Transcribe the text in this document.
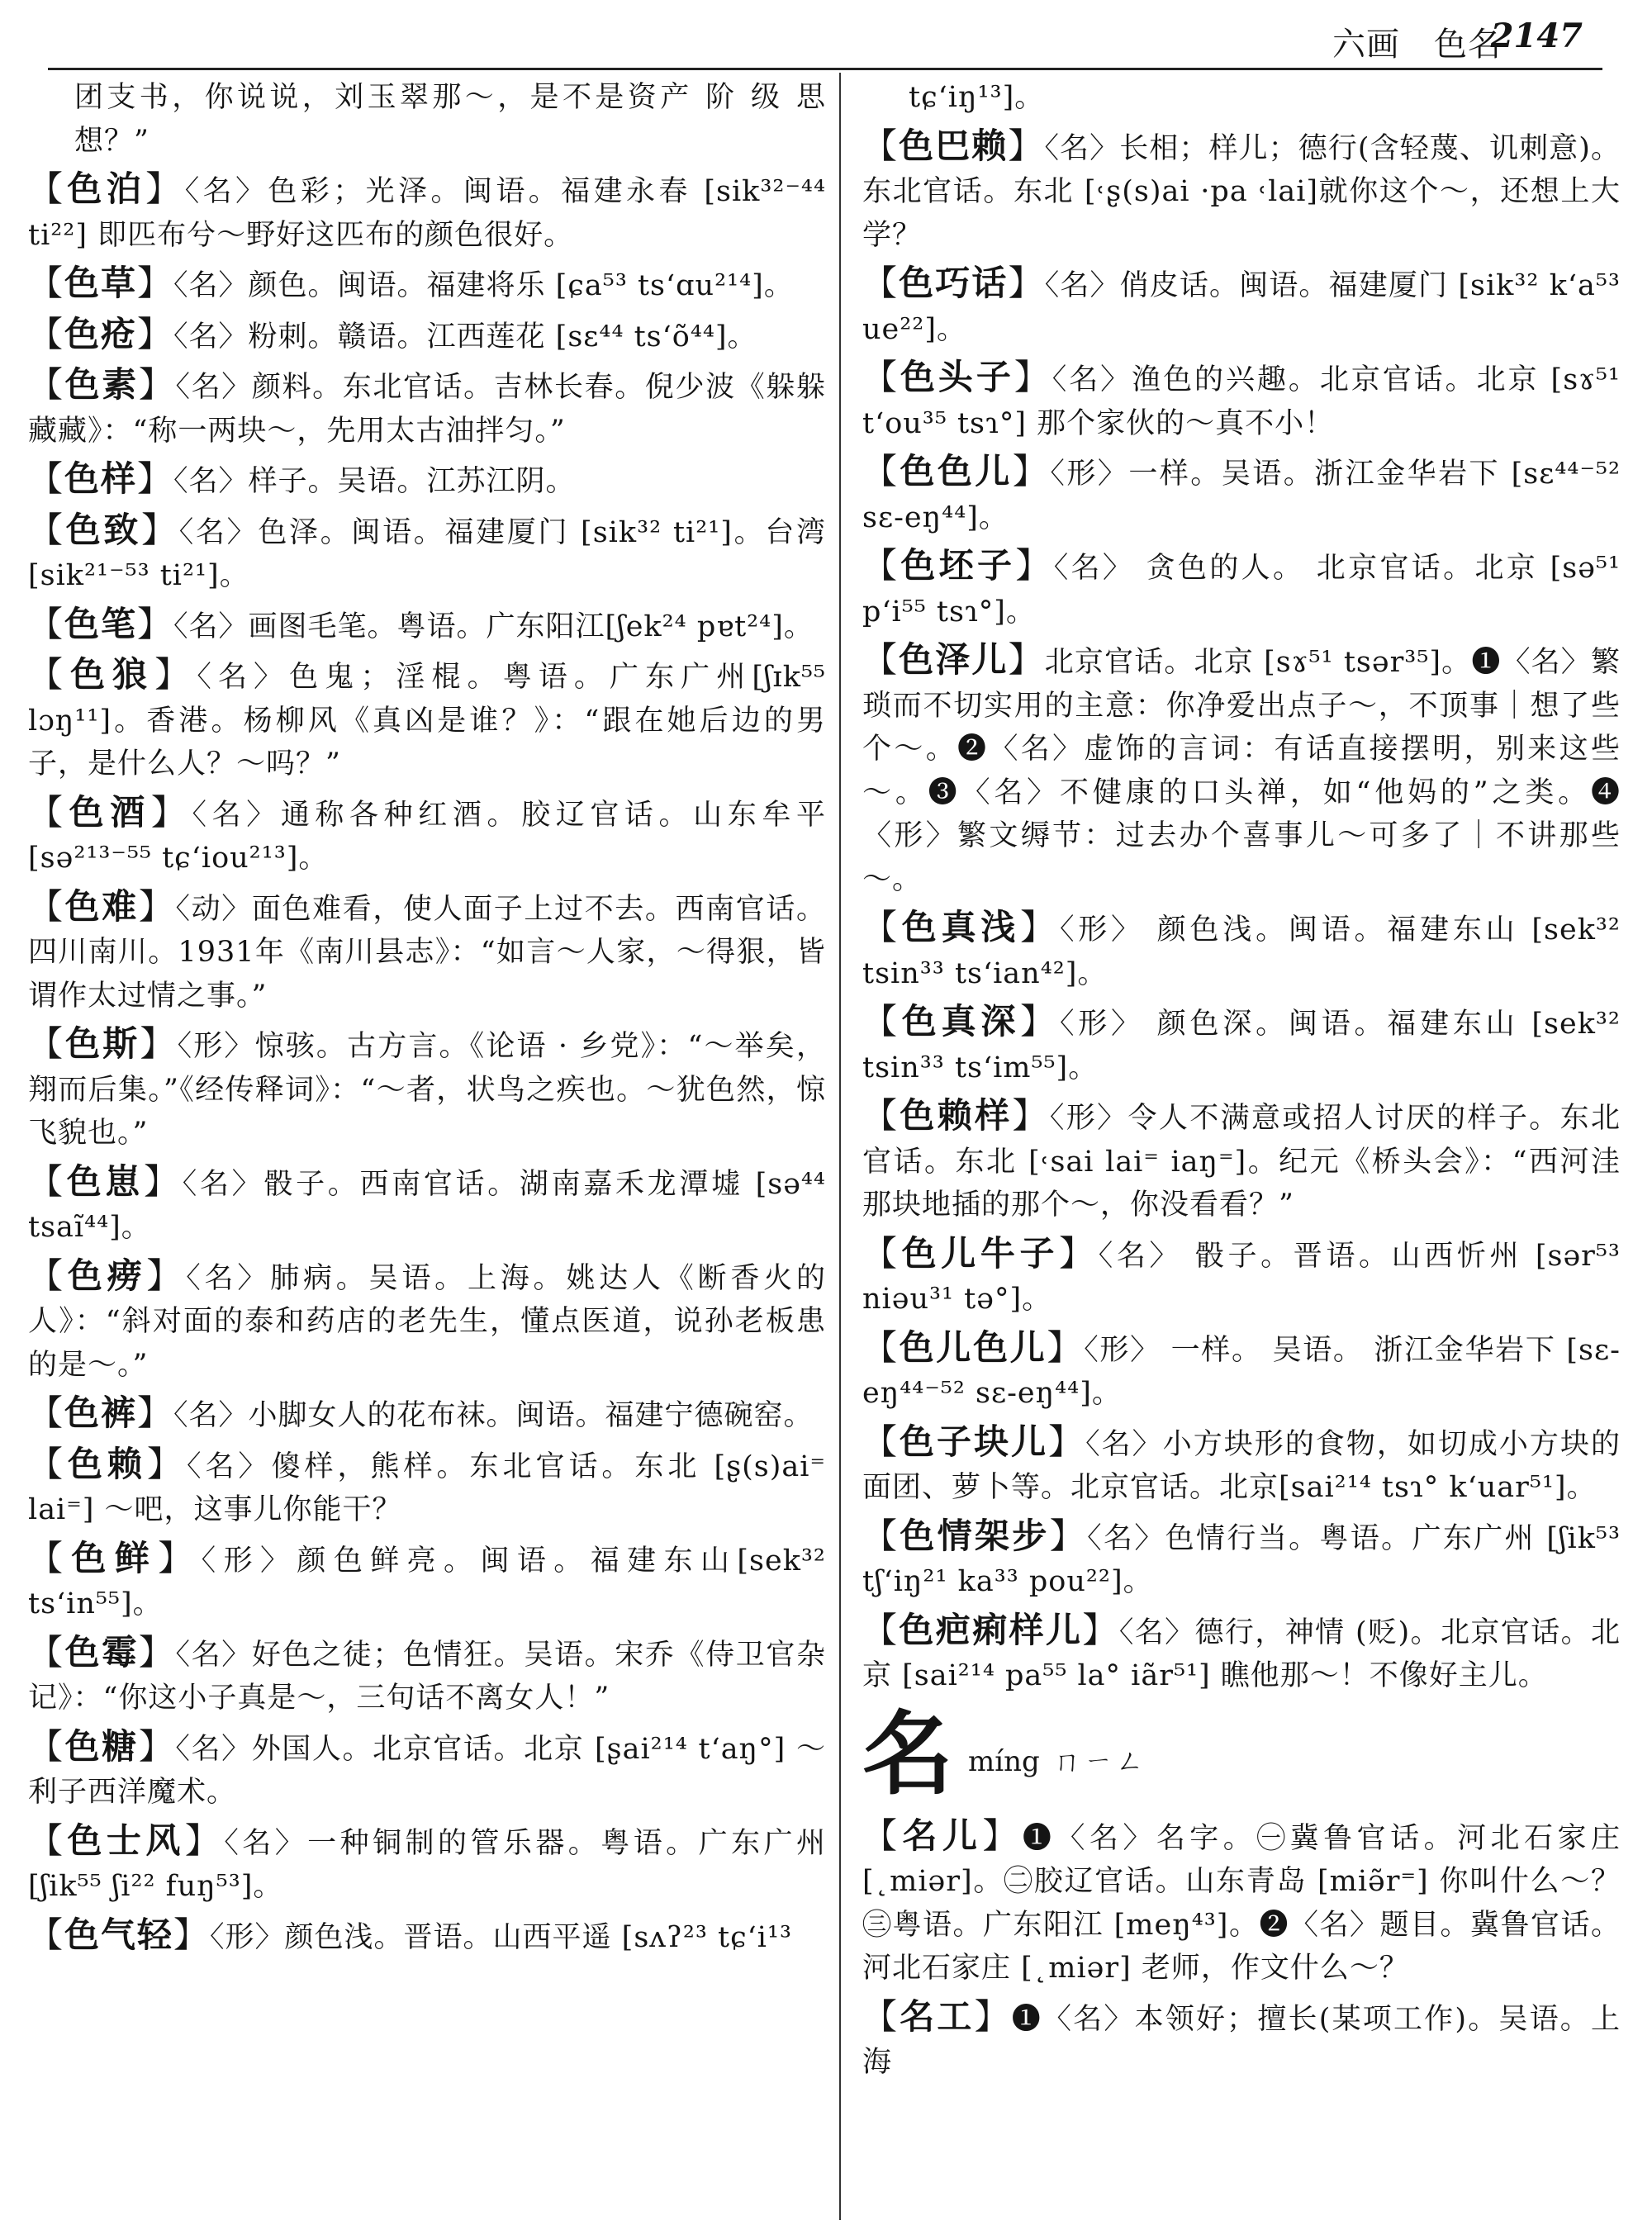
六画　色名
2147
团支书，你说说，刘玉翠那～，是不是资产 阶 级 思想？”
【色泊】〈名〉色彩；光泽。闽语。福建永春 [sik³²⁻⁴⁴ ti²²] 即匹布兮～野好这匹布的颜色很好。
【色草】〈名〉颜色。闽语。福建将乐 [ɕa⁵³ ts‘ɑu²¹⁴]。
【色疮】〈名〉粉刺。赣语。江西莲花 [sɛ⁴⁴ ts‘õ⁴⁴]。
【色素】〈名〉颜料。东北官话。吉林长春。倪少波《躲躲藏藏》：“称一两块～，先用太古油拌匀。”
【色样】〈名〉样子。吴语。江苏江阴。
【色致】〈名〉色泽。闽语。福建厦门 [sik³² ti²¹]。台湾 [sik²¹⁻⁵³ ti²¹]。
【色笔】〈名〉画图毛笔。粤语。广东阳江[ʃek²⁴ pɐt²⁴]。
【色狼】〈名〉色鬼；淫棍。粤语。广东广州[ʃɪk⁵⁵ lɔŋ¹¹]。香港。杨柳风《真凶是谁？》：“跟在她后边的男子，是什么人？～吗？”
【色酒】〈名〉通称各种红酒。胶辽官话。山东牟平 [sə²¹³⁻⁵⁵ tɕ‘iou²¹³]。
【色难】〈动〉面色难看，使人面子上过不去。西南官话。四川南川。1931年《南川县志》：“如言～人家，～得狠，皆谓作太过情之事。”
【色斯】〈形〉惊骇。古方言。《论语 · 乡党》：“～举矣，翔而后集。”《经传释词》：“～者，状鸟之疾也。～犹色然，惊飞貌也。”
【色崽】〈名〉骰子。西南官话。湖南嘉禾龙潭墟 [sə⁴⁴ tsaĩ⁴⁴]。
【色痨】〈名〉肺病。吴语。上海。姚达人《断香火的人》：“斜对面的泰和药店的老先生，懂点医道，说孙老板患的是～。”
【色裤】〈名〉小脚女人的花布袜。闽语。福建宁德碗窑。
【色赖】〈名〉傻样，熊样。东北官话。东北 [ʂ(s)ai⁼ lai⁼] ～吧，这事儿你能干？
【色鲜】〈形〉颜色鲜亮。闽语。福建东山[sek³² ts‘in⁵⁵]。
【色霉】〈名〉好色之徒；色情狂。吴语。宋乔《侍卫官杂记》：“你这小子真是～，三句话不离女人！”
【色糖】〈名〉外国人。北京官话。北京 [ʂai²¹⁴ t‘aŋ°] ～利子西洋魔术。
【色士风】〈名〉一种铜制的管乐器。粤语。广东广州 [ʃik⁵⁵ ʃi²² fuŋ⁵³]。
【色气轻】〈形〉颜色浅。晋语。山西平遥 [sʌʔ²³ tɕ‘i¹³
tɕ‘iŋ¹³]。
【色巴赖】〈名〉长相；样儿；德行(含轻蔑、讥刺意)。东北官话。东北 [˓ʂ(s)ai ·pa ˓lai]就你这个～，还想上大学？
【色巧话】〈名〉俏皮话。闽语。福建厦门 [sik³² k‘a⁵³ ue²²]。
【色头子】〈名〉渔色的兴趣。北京官话。北京 [sɤ⁵¹ t‘ou³⁵ tsɿ°] 那个家伙的～真不小！
【色色儿】〈形〉一样。吴语。浙江金华岩下 [sɛ⁴⁴⁻⁵² sɛ-eŋ⁴⁴]。
【色坯子】〈名〉 贪色的人。 北京官话。北京 [sə⁵¹ p‘i⁵⁵ tsɿ°]。
【色泽儿】北京官话。北京 [sɤ⁵¹ tsər³⁵]。❶〈名〉繁琐而不切实用的主意：你净爱出点子～，不顶事｜想了些个～。❷〈名〉虚饰的言词：有话直接摆明，别来这些～。❸〈名〉不健康的口头禅，如“他妈的”之类。❹〈形〉繁文缛节：过去办个喜事儿～可多了｜不讲那些～。
【色真浅】〈形〉 颜色浅。闽语。福建东山 [sek³² tsin³³ ts‘ian⁴²]。
【色真深】〈形〉 颜色深。闽语。福建东山 [sek³² tsin³³ ts‘im⁵⁵]。
【色赖样】〈形〉令人不满意或招人讨厌的样子。东北官话。东北 [˓sai lai⁼ iaŋ⁼]。纪元《桥头会》：“西河洼那块地插的那个～，你没看看？”
【色儿牛子】〈名〉 骰子。晋语。山西忻州 [sər⁵³ niəu³¹ tə°]。
【色儿色儿】〈形〉 一样。 吴语。 浙江金华岩下 [sɛ-eŋ⁴⁴⁻⁵² sɛ-eŋ⁴⁴]。
【色子块儿】〈名〉小方块形的食物，如切成小方块的面团、萝卜等。北京官话。北京[sai²¹⁴ tsɿ° k‘uar⁵¹]。
【色情架步】〈名〉色情行当。粤语。广东广州 [ʃik⁵³ tʃ‘iŋ²¹ ka³³ pou²²]。
【色疤痢样儿】〈名〉德行，神情 (贬)。北京官话。北京 [sai²¹⁴ pa⁵⁵ la° iãr⁵¹] 瞧他那～！不像好主儿。
名míng ㄇㄧㄥ
【名儿】❶〈名〉名字。㊀冀鲁官话。河北石家庄[˛miər]。㊁胶辽官话。山东青岛 [miə̃r⁼] 你叫什么～？㊂粤语。广东阳江 [meŋ⁴³]。❷〈名〉题目。冀鲁官话。河北石家庄 [˛miər] 老师，作文什么～？
【名工】❶〈名〉本领好；擅长(某项工作)。吴语。上海
